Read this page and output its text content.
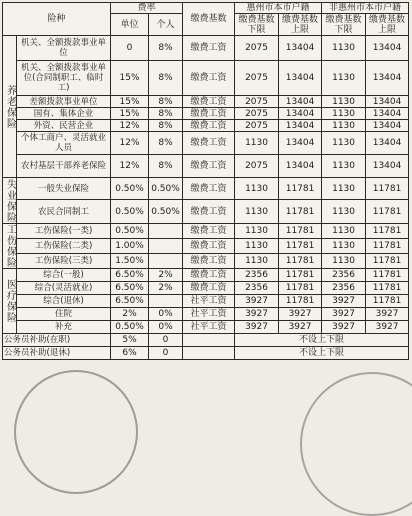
险种		费率		缴费基数	惠州市本市户籍		非惠州市本市户籍	
		单位	个人		缴费基数下限	缴费基数上限	缴费基数下限	缴费基数上限
养老保险	机关、全额拨款事业单位	0	8%	缴费工资	2075	13404	1130	13404
	机关、全额拨款事业单位(合同制职工、临时工)	15%	8%	缴费工资	2075	13404	1130	13404
	差额拨款事业单位	15%	8%	缴费工资	2075	13404	1130	13404
	国有、集体企业	15%	8%	缴费工资	2075	13404	1130	13404
	外资、民营企业	12%	8%	缴费工资	2075	13404	1130	13404
	个体工商户、灵活就业人员	12%	8%	缴费工资	1130	13404	1130	13404
	农村基层干部养老保险	12%	8%	缴费工资	2075	13404	1130	13404
失业保险	一般失业保险	0.50%	0.50%	缴费工资	1130	11781	1130	11781
	农民合同制工	0.50%	0.50%	缴费工资	1130	11781	1130	11781
工伤保险	工伤保险(一类)	0.50%		缴费工资	1130	11781	1130	11781
	工伤保险(二类)	1.00%		缴费工资	1130	11781	1130	11781
	工伤保险(三类)	1.50%		缴费工资	1130	11781	1130	11781
医疗保险	综合(一般)	6.50%	2%	缴费工资	2356	11781	2356	11781
	综合(灵活就业)	6.50%	2%	缴费工资	2356	11781	2356	11781
	综合(退休)	6.50%		社平工资	3927	11781	3927	11781
	住院	2%	0%	社平工资	3927	3927	3927	3927
	补充	0.50%	0%	社平工资	3927	3927	3927	3927
公务员补助(在职)		5%	0		不设上下限			
公务员补助(退休)		6%	0		不设上下限			
